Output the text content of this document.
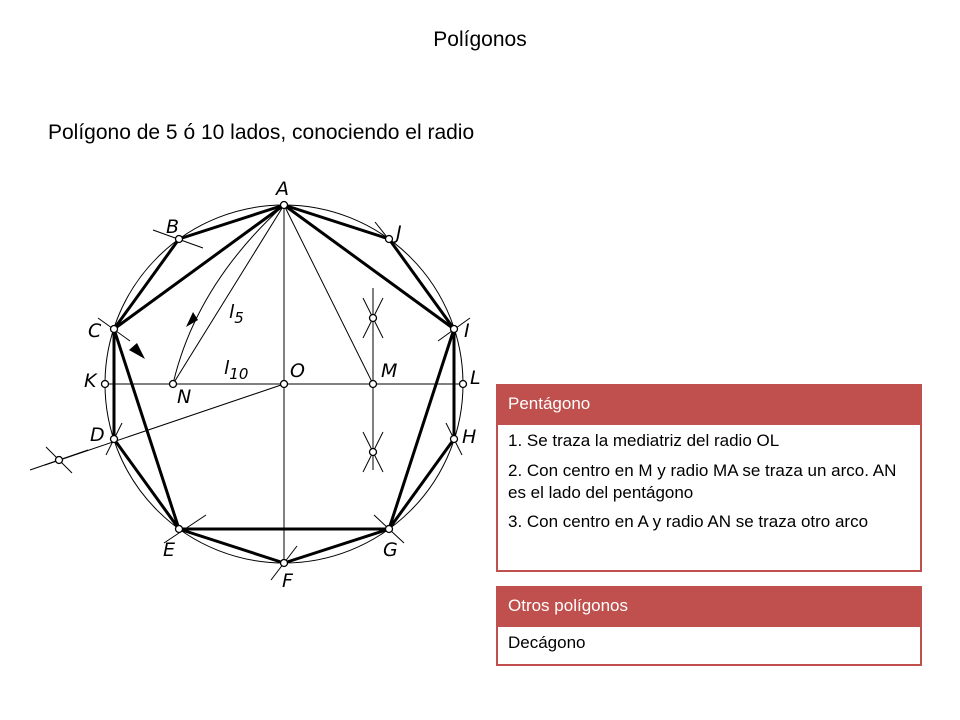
Polígonos
Polígono de 5 ó 10 lados, conociendo el radio
A
B	J
C	I
K	L
O	M
N
D	H
E	G
F
$l_5$
$l_{10}$
Pentágono
1. Se traza la mediatriz del radio OL
2. Con centro en M y radio MA se traza un arco. AN es el lado del pentágono
3. Con centro en A y radio AN se traza otro arco
Otros polígonos
Decágono
